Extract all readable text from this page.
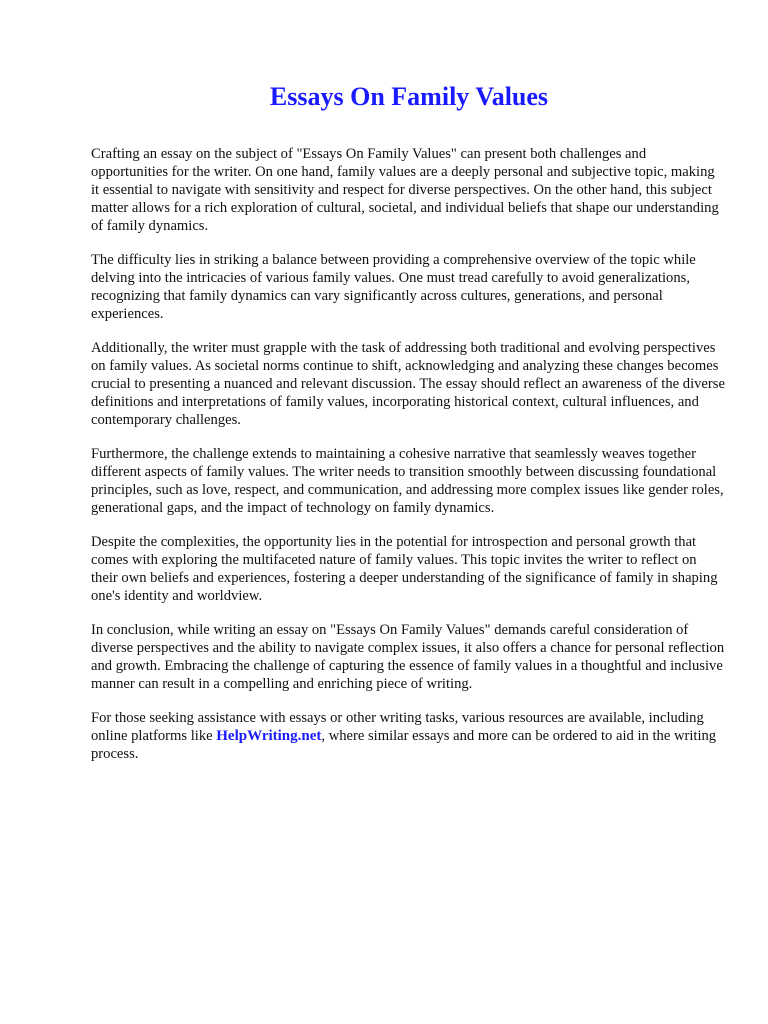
Essays On Family Values

Crafting an essay on the subject of "Essays On Family Values" can present both challenges and opportunities for the writer. On one hand, family values are a deeply personal and subjective topic, making it essential to navigate with sensitivity and respect for diverse perspectives. On the other hand, this subject matter allows for a rich exploration of cultural, societal, and individual beliefs that shape our understanding of family dynamics.

The difficulty lies in striking a balance between providing a comprehensive overview of the topic while delving into the intricacies of various family values. One must tread carefully to avoid generalizations, recognizing that family dynamics can vary significantly across cultures, generations, and personal experiences.

Additionally, the writer must grapple with the task of addressing both traditional and evolving perspectives on family values. As societal norms continue to shift, acknowledging and analyzing these changes becomes crucial to presenting a nuanced and relevant discussion. The essay should reflect an awareness of the diverse definitions and interpretations of family values, incorporating historical context, cultural influences, and contemporary challenges.

Furthermore, the challenge extends to maintaining a cohesive narrative that seamlessly weaves together different aspects of family values. The writer needs to transition smoothly between discussing foundational principles, such as love, respect, and communication, and addressing more complex issues like gender roles, generational gaps, and the impact of technology on family dynamics.

Despite the complexities, the opportunity lies in the potential for introspection and personal growth that comes with exploring the multifaceted nature of family values. This topic invites the writer to reflect on their own beliefs and experiences, fostering a deeper understanding of the significance of family in shaping one's identity and worldview.

In conclusion, while writing an essay on "Essays On Family Values" demands careful consideration of diverse perspectives and the ability to navigate complex issues, it also offers a chance for personal reflection and growth. Embracing the challenge of capturing the essence of family values in a thoughtful and inclusive manner can result in a compelling and enriching piece of writing.

For those seeking assistance with essays or other writing tasks, various resources are available, including online platforms like HelpWriting.net, where similar essays and more can be ordered to aid in the writing process.
